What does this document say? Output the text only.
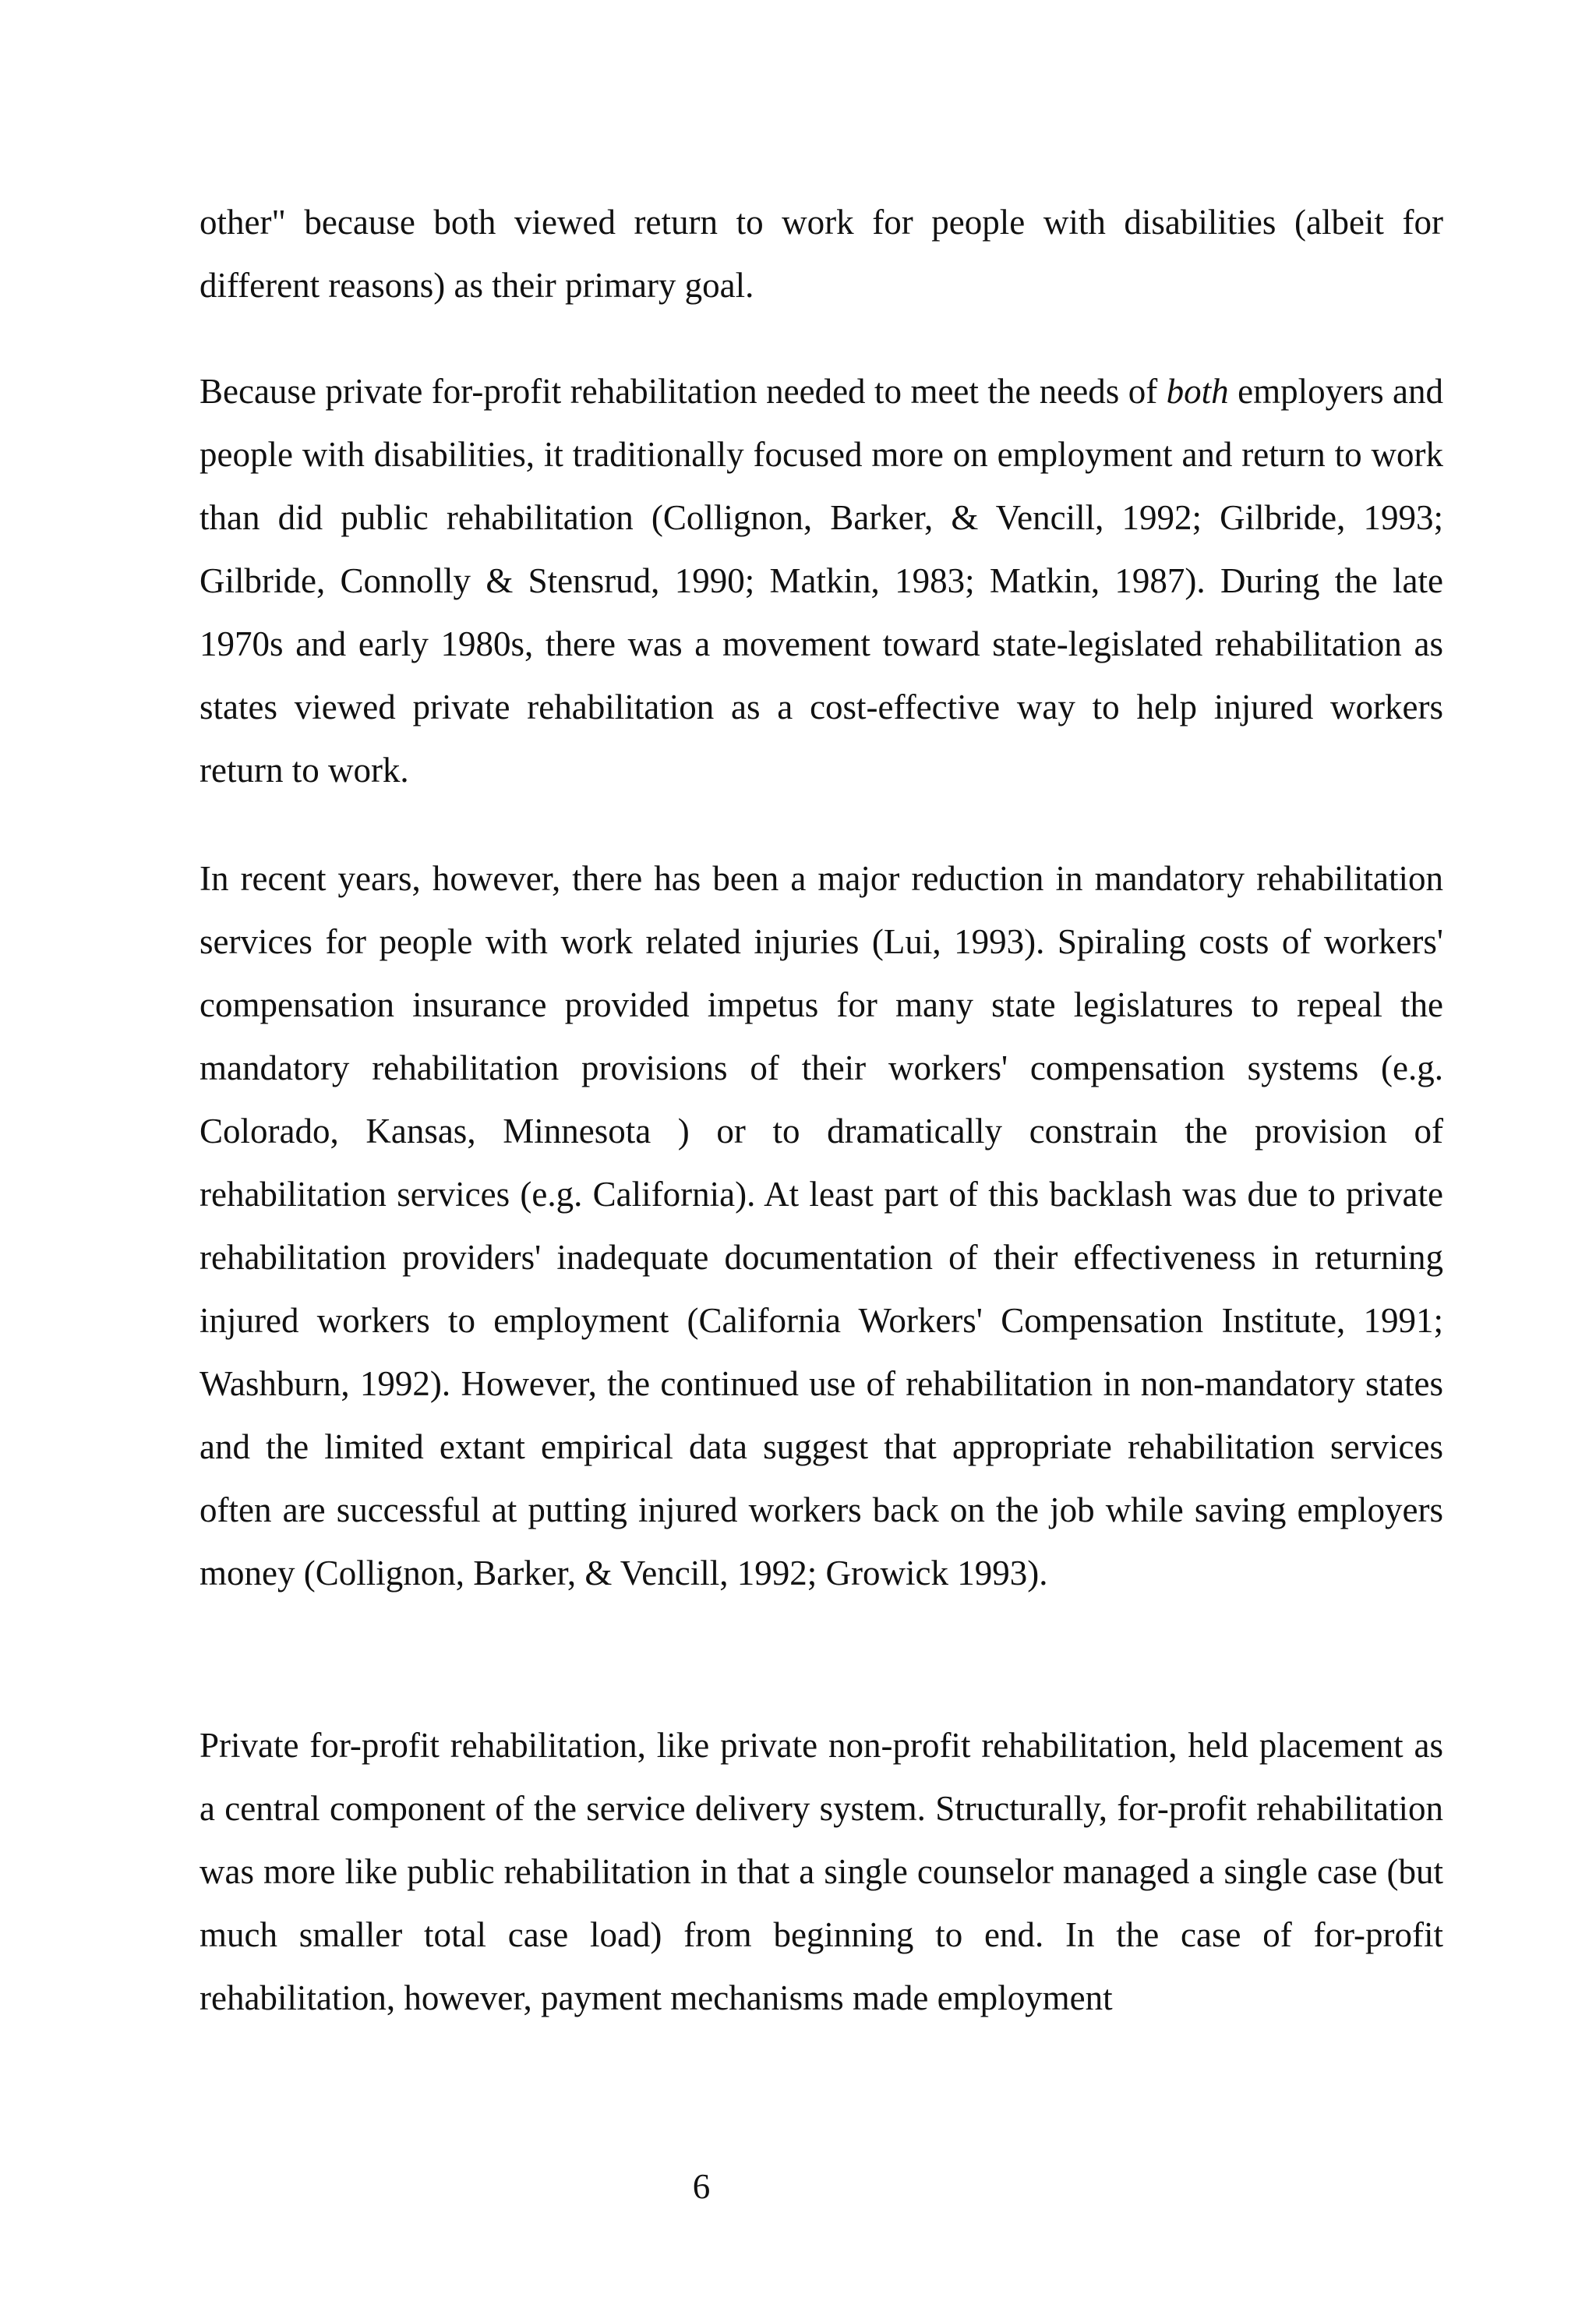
other" because both viewed return to work for people with disabilities (albeit for different reasons) as their primary goal.

Because private for-profit rehabilitation needed to meet the needs of both employers and people with disabilities, it traditionally focused more on employment and return to work than did public rehabilitation (Collignon, Barker, & Vencill, 1992; Gilbride, 1993; Gilbride, Connolly & Stensrud, 1990; Matkin, 1983; Matkin, 1987). During the late 1970s and early 1980s, there was a movement toward state-legislated rehabilitation as states viewed private rehabilitation as a cost-effective way to help injured workers return to work.

In recent years, however, there has been a major reduction in mandatory rehabilitation services for people with work related injuries (Lui, 1993). Spiraling costs of workers' compensation insurance provided impetus for many state legislatures to repeal the mandatory rehabilitation provisions of their workers' compensation systems (e.g. Colorado, Kansas, Minnesota ) or to dramatically constrain the provision of rehabilitation services (e.g. California). At least part of this backlash was due to private rehabilitation providers' inadequate documentation of their effectiveness in returning injured workers to employment (California Workers' Compensation Institute, 1991; Washburn, 1992). However, the continued use of rehabilitation in non-mandatory states and the limited extant empirical data suggest that appropriate rehabilitation services often are successful at putting injured workers back on the job while saving employers money (Collignon, Barker, & Vencill, 1992; Growick 1993).

Private for-profit rehabilitation, like private non-profit rehabilitation, held placement as a central component of the service delivery system. Structurally, for-profit rehabilitation was more like public rehabilitation in that a single counselor managed a single case (but much smaller total case load) from beginning to end. In the case of for-profit rehabilitation, however, payment mechanisms made employment

6
